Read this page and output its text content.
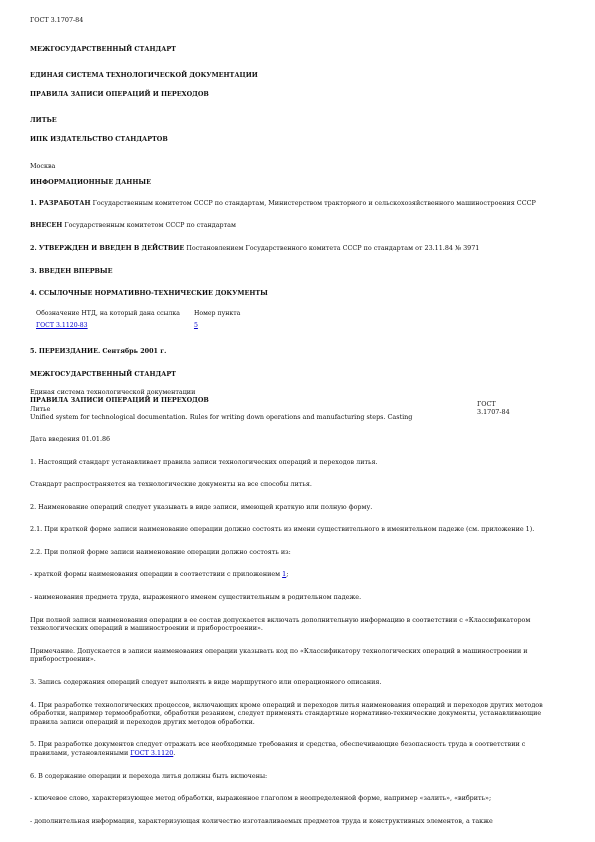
ГОСТ 3.1707-84

МЕЖГОСУДАРСТВЕННЫЙ СТАНДАРТ

ЕДИНАЯ СИСТЕМА ТЕХНОЛОГИЧЕСКОЙ ДОКУМЕНТАЦИИ

ПРАВИЛА ЗАПИСИ ОПЕРАЦИЙ И ПЕРЕХОДОВ

ЛИТЬЕ

ИПК ИЗДАТЕЛЬСТВО СТАНДАРТОВ

Москва

ИНФОРМАЦИОННЫЕ ДАННЫЕ

1. РАЗРАБОТАН Государственным комитетом СССР по стандартам, Министерством тракторного и сельскохозяйственного машиностроения СССР

ВНЕСЕН Государственным комитетом СССР по стандартам

2. УТВЕРЖДЕН И ВВЕДЕН В ДЕЙСТВИЕ Постановлением Государственного комитета СССР по стандартам от 23.11.84 № 3971

3. ВВЕДЕН ВПЕРВЫЕ

4. ССЫЛОЧНЫЕ НОРМАТИВНО-ТЕХНИЧЕСКИЕ ДОКУМЕНТЫ

Обозначение НТД, на который дана ссылка	Номер пункта
ГОСТ 3.1120-83	5

5. ПЕРЕИЗДАНИЕ. Сентябрь 2001 г.

МЕЖГОСУДАРСТВЕННЫЙ СТАНДАРТ

Единая система технологической документации
ПРАВИЛА ЗАПИСИ ОПЕРАЦИЙ И ПЕРЕХОДОВ
Литье
Unified system for technological documentation. Rules for writing down operations and manufacturing steps. Casting
ГОСТ
3.1707-84

Дата введения 01.01.86

1. Настоящий стандарт устанавливает правила записи технологических операций и переходов литья.

Стандарт распространяется на технологические документы на все способы литья.

2. Наименование операций следует указывать в виде записи, имеющей краткую или полную форму.

2.1. При краткой форме записи наименование операции должно состоять из имени существительного в именительном падеже (см. приложение 1).

2.2. При полной форме записи наименование операции должно состоять из:

- краткой формы наименования операции в соответствии с приложением 1;

- наименования предмета труда, выраженного именем существительным в родительном падеже.

При полной записи наименования операции в ее состав допускается включать дополнительную информацию в соответствии с «Классификатором технологических операций в машиностроении и приборостроении».

Примечание. Допускается в записи наименования операции указывать код по «Классификатору технологических операций в машиностроении и приборостроении».

3. Запись содержания операций следует выполнять в виде маршрутного или операционного описания.

4. При разработке технологических процессов, включающих кроме операций и переходов литья наименования операций и переходов других методов обработки, например термообработки, обработки резанием, следует применять стандартные нормативно-технические документы, устанавливающие правила записи операций и переходов других методов обработки.

5. При разработке документов следует отражать все необходимые требования и средства, обеспечивающие безопасность труда в соответствии с правилами, установленными ГОСТ 3.1120.

6. В содержание операции и перехода литья должны быть включены:

- ключевое слово, характеризующее метод обработки, выраженное глаголом в неопределенной форме, например «залить», «вибрить»;

- дополнительная информация, характеризующая количество изготавливаемых предметов труда и конструктивных элементов, а также
